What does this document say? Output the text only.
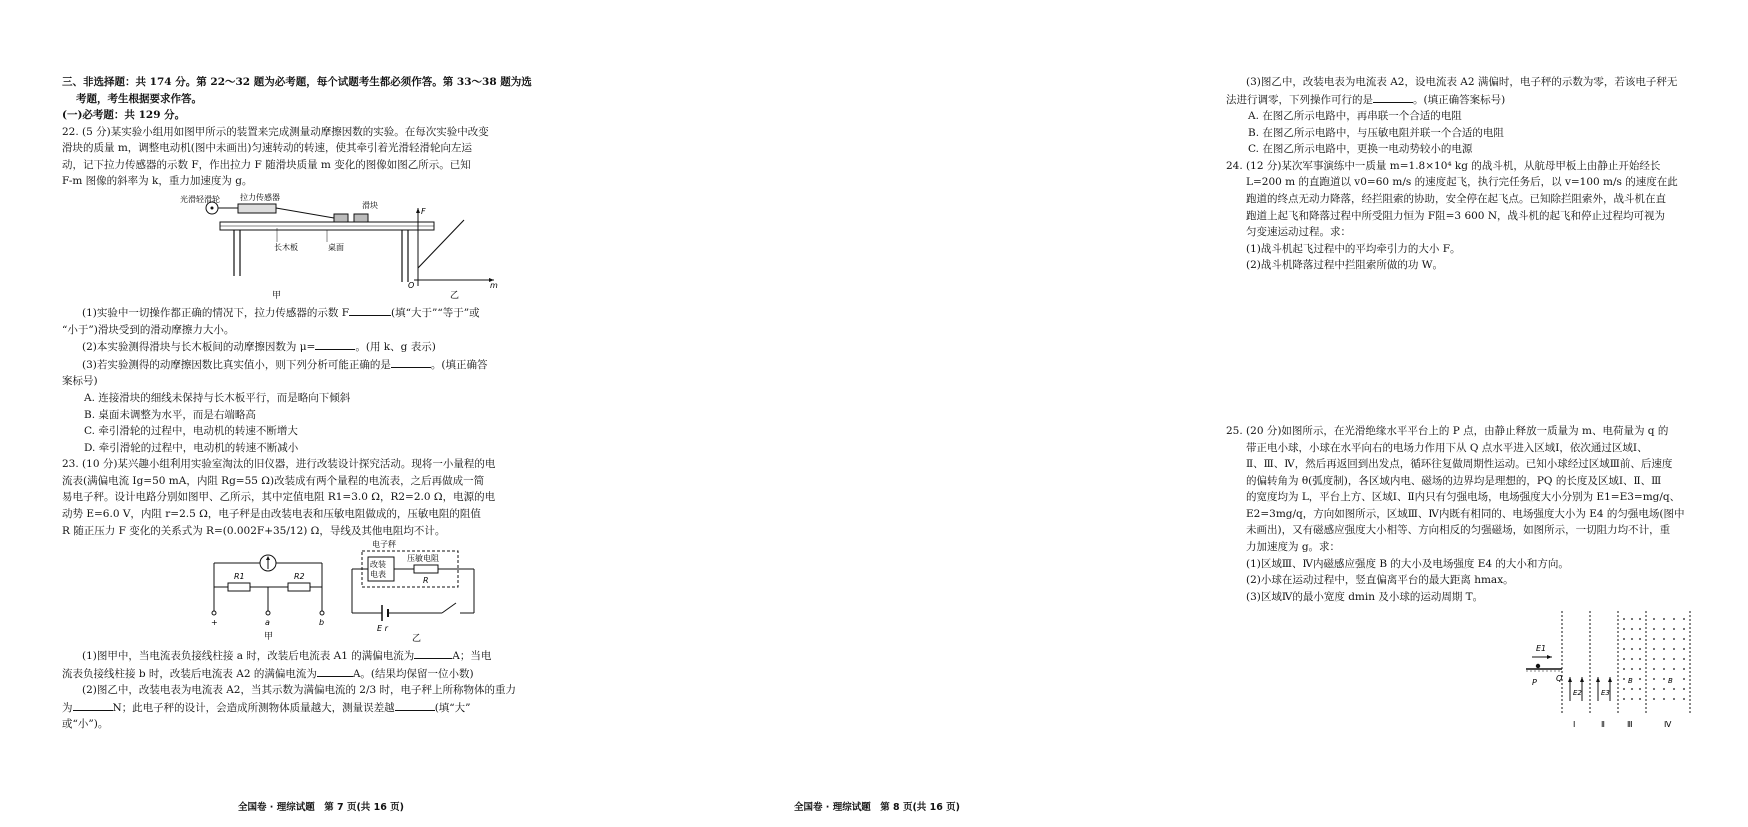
三、非选择题：共 174 分。第 22～32 题为必考题，每个试题考生都必须作答。第 33～38 题为选

考题，考生根据要求作答。

(一)必考题：共 129 分。

22. (5 分)某实验小组用如图甲所示的装置来完成测量动摩擦因数的实验。在每次实验中改变

滑块的质量 m，调整电动机(图中未画出)匀速转动的转速，使其牵引着光滑轻滑轮向左运

动，记下拉力传感器的示数 F，作出拉力 F 随滑块质量 m 变化的图像如图乙所示。已知

F-m 图像的斜率为 k，重力加速度为 g。

光滑轻滑轮	拉力传感器
滑块
长木板	桌面
甲
F
m
O
乙

(1)实验中一切操作都正确的情况下，拉力传感器的示数 F	(填“大于”“等于”或

“小于”)滑块受到的滑动摩擦力大小。

(2)本实验测得滑块与长木板间的动摩擦因数为 μ=	。(用 k、g 表示)

(3)若实验测得的动摩擦因数比真实值小，则下列分析可能正确的是	。(填正确答

案标号)

A. 连接滑块的细线未保持与长木板平行，而是略向下倾斜

B. 桌面未调整为水平，而是右端略高

C. 牵引滑轮的过程中，电动机的转速不断增大

D. 牵引滑轮的过程中，电动机的转速不断减小

23. (10 分)某兴趣小组利用实验室淘汰的旧仪器，进行改装设计探究活动。现将一小量程的电

流表(满偏电流 Ig=50 mA，内阻 Rg=55 Ω)改装成有两个量程的电流表，之后再做成一简

易电子秤。设计电路分别如图甲、乙所示，其中定值电阻 R1=3.0 Ω，R2=2.0 Ω，电源的电

动势 E=6.0 V，内阻 r=2.5 Ω，电子秤是由改装电表和压敏电阻做成的，压敏电阻的阻值

R 随正压力 F 变化的关系式为 R=(0.002F+35/12) Ω，导线及其他电阻均不计。

R1	R2
+	a	b
甲
电子秤
改装
电表
压敏电阻
R
E r
乙

(1)图甲中，当电流表负接线柱接 a 时，改装后电流表 A1 的满偏电流为	A；当电

流表负接线柱接 b 时，改装后电流表 A2 的满偏电流为	A。(结果均保留一位小数)

(2)图乙中，改装电表为电流表 A2，当其示数为满偏电流的 2/3 时，电子秤上所称物体的重力

为	N；此电子秤的设计，会造成所测物体质量越大，测量误差越	(填“大”

或“小”)。

全国卷 · 理综试题　第 7 页(共 16 页)

(3)图乙中，改装电表为电流表 A2，设电流表 A2 满偏时，电子秤的示数为零，若该电子秤无

法进行调零，下列操作可行的是	。(填正确答案标号)

A. 在图乙所示电路中，再串联一个合适的电阻

B. 在图乙所示电路中，与压敏电阻并联一个合适的电阻

C. 在图乙所示电路中，更换一电动势较小的电源

24. (12 分)某次军事演练中一质量 m=1.8×10⁴ kg 的战斗机，从航母甲板上由静止开始经长

L=200 m 的直跑道以 v0=60 m/s 的速度起飞，执行完任务后，以 v=100 m/s 的速度在此

跑道的终点无动力降落，经拦阻索的协助，安全停在起飞点。已知除拦阻索外，战斗机在直

跑道上起飞和降落过程中所受阻力恒为 F阻=3 600 N，战斗机的起飞和停止过程均可视为

匀变速运动过程。求：

(1)战斗机起飞过程中的平均牵引力的大小 F。

(2)战斗机降落过程中拦阻索所做的功 W。

25. (20 分)如图所示，在光滑绝缘水平平台上的 P 点，由静止释放一质量为 m、电荷量为 q 的

带正电小球，小球在水平向右的电场力作用下从 Q 点水平进入区域Ⅰ，依次通过区域Ⅰ、

Ⅱ、Ⅲ、Ⅳ，然后再返回到出发点，循环往复做周期性运动。已知小球经过区域Ⅲ前、后速度

的偏转角为 θ(弧度制)，各区域内电、磁场的边界均是理想的，PQ 的长度及区域Ⅰ、Ⅱ、Ⅲ

的宽度均为 L，平台上方、区域Ⅰ、Ⅱ内只有匀强电场，电场强度大小分别为 E1=E3=mg/q、

E2=3mg/q，方向如图所示，区域Ⅲ、Ⅳ内既有相同的、电场强度大小为 E4 的匀强电场(图中

未画出)，又有磁感应强度大小相等、方向相反的匀强磁场，如图所示，一切阻力均不计，重

力加速度为 g。求：

(1)区域Ⅲ、Ⅳ内磁感应强度 B 的大小及电场强度 E4 的大小和方向。

(2)小球在运动过程中，竖直偏离平台的最大距离 hmax。

(3)区域Ⅳ的最小宽度 dmin 及小球的运动周期 T。

P Q
E1
E2	E3
B	B
Ⅰ	Ⅱ	Ⅲ	Ⅳ
全国卷 · 理综试题　第 8 页(共 16 页)
